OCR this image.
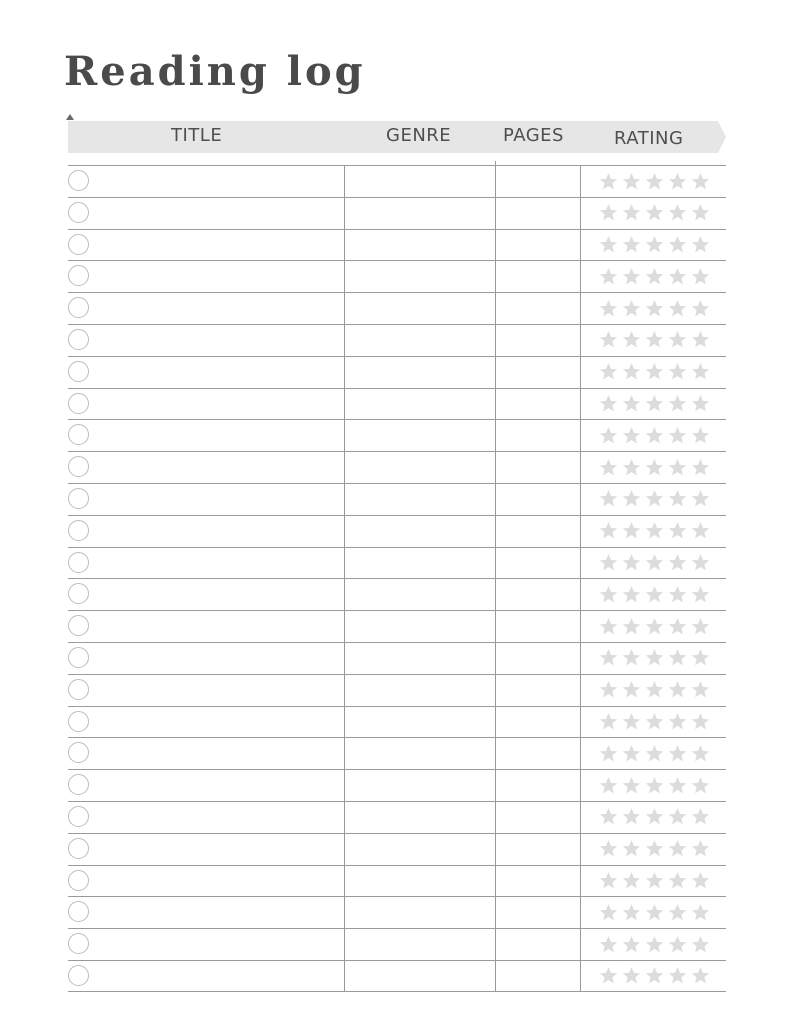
Reading log
TITLE	GENRE	PAGES	RATING
